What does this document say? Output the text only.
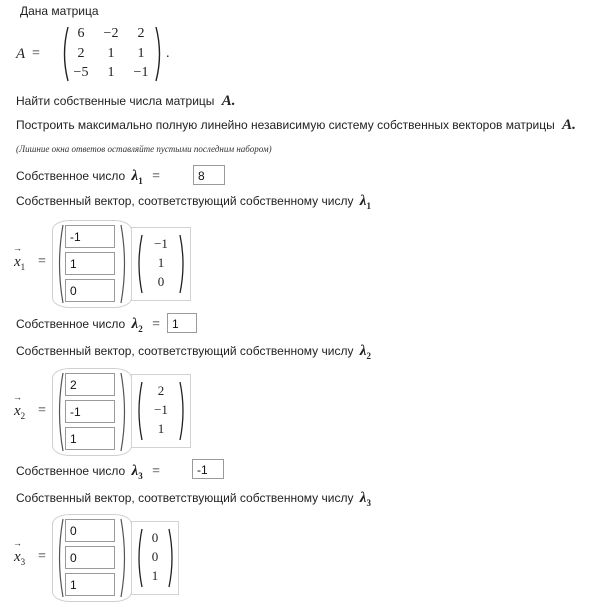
Дана матрица
A =
6	−2	2
2	1	1
−5	1	−1
.
Найти собственные числа матрицы A.
Построить максимально полную линейно независимую систему собственных векторов матрицы A.
(Лишние окна ответов оставляйте пустыми последним набором)
Собственное число $\lambda_1$ =	8
Собственный вектор, соответствующий собственному числу $\lambda_1$
x
→
$_1$ =
-1
1
0
−1
1
0
Собственное число $\lambda_2$ =	1
Собственный вектор, соответствующий собственному числу $\lambda_2$
x
→
$_2$ =
2
-1
1
2
−1
1
Собственное число $\lambda_3$ =	-1
Собственный вектор, соответствующий собственному числу $\lambda_3$
x
→
$_3$ =
0
0
1
0
0
1
